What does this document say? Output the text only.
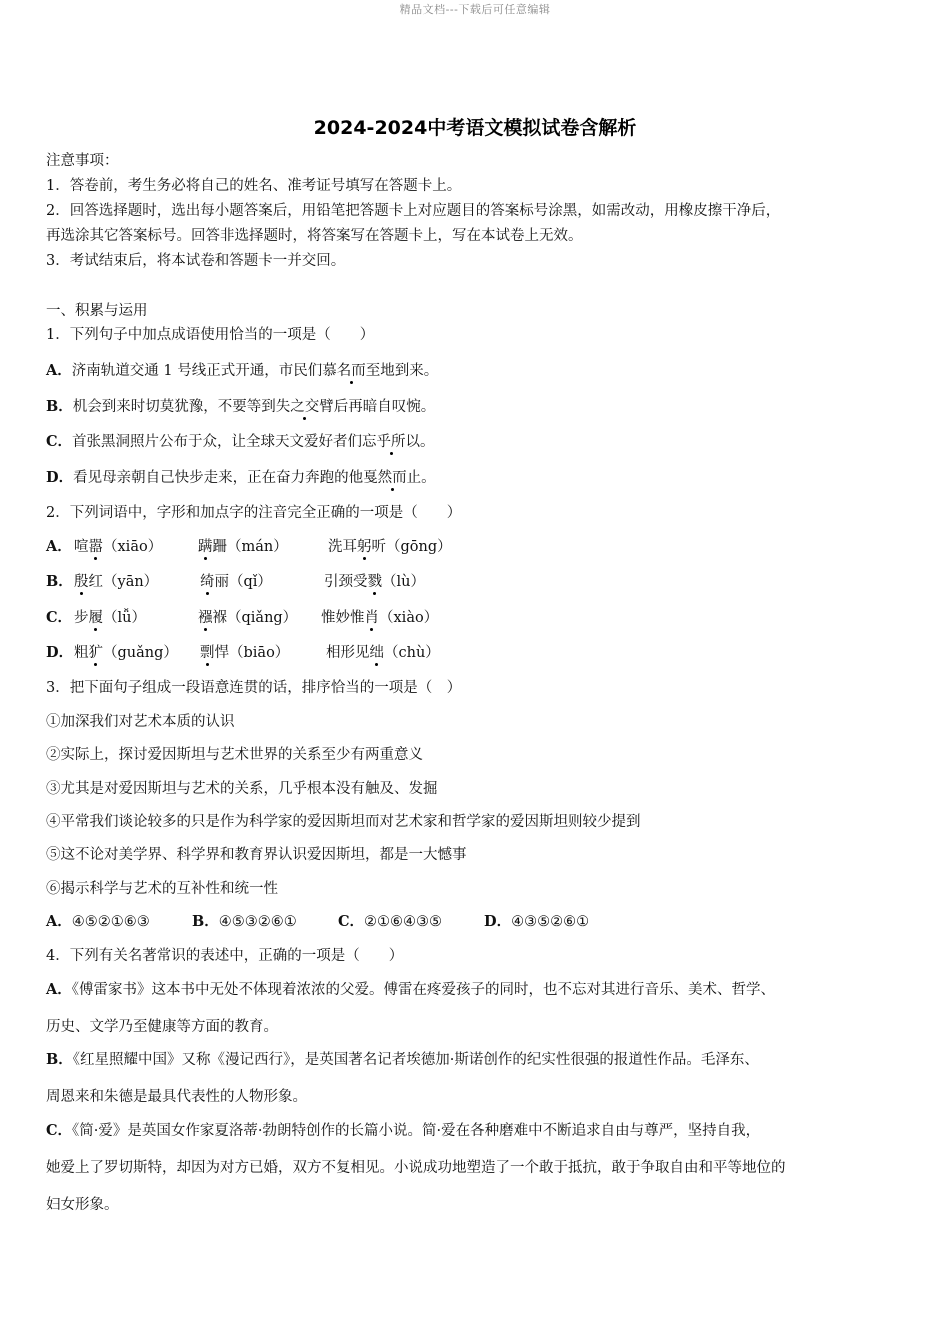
精品文档---下载后可任意编辑
2024-2024中考语文模拟试卷含解析
注意事项：
1．答卷前，考生务必将自己的姓名、准考证号填写在答题卡上。
2．回答选择题时，选出每小题答案后，用铅笔把答题卡上对应题目的答案标号涂黑，如需改动，用橡皮擦干净后，
再选涂其它答案标号。回答非选择题时，将答案写在答题卡上，写在本试卷上无效。
3．考试结束后，将本试卷和答题卡一并交回。
一、积累与运用
1．下列句子中加点成语使用恰当的一项是（　　）
A．济南轨道交通 1 号线正式开通，市民们慕名而至地到来。
B．机会到来时切莫犹豫，不要等到失之交臂后再暗自叹惋。
C．首张黑洞照片公布于众，让全球天文爱好者们忘乎所以。
D．看见母亲朝自己快步走来，正在奋力奔跑的他戛然而止。
2．下列词语中，字形和加点字的注音完全正确的一项是（　　）
A． 喧嚣（xiāo） 蹒跚（mán）	洗耳躬听（gōng）
B．殷红（yān）	绮丽（qǐ）	引颈受戮（lù）
C． 步履（lǚ）	襁褓（qiǎng） 惟妙惟肖（xiào）
D．粗犷（guǎng） 剽悍（biāo）	相形见绌（chù）
3．把下面句子组成一段语意连贯的话，排序恰当的一项是（　）
①加深我们对艺术本质的认识
②实际上，探讨爱因斯坦与艺术世界的关系至少有两重意义
③尤其是对爱因斯坦与艺术的关系，几乎根本没有触及、发掘
④平常我们谈论较多的只是作为科学家的爱因斯坦而对艺术家和哲学家的爱因斯坦则较少提到
⑤这不论对美学界、科学界和教育界认识爱因斯坦，都是一大憾事
⑥揭示科学与艺术的互补性和统一性
A．④⑤②①⑥③	B．④⑤③②⑥①	C．②①⑥④③⑤	D．④③⑤②⑥①
4．下列有关名著常识的表述中，正确的一项是（　　）
A．《傅雷家书》这本书中无处不体现着浓浓的父爱。傅雷在疼爱孩子的同时，也不忘对其进行音乐、美术、哲学、
历史、文学乃至健康等方面的教育。
B．《红星照耀中国》又称《漫记西行》，是英国著名记者埃德加·斯诺创作的纪实性很强的报道性作品。毛泽东、
周恩来和朱德是最具代表性的人物形象。
C．《简·爱》是英国女作家夏洛蒂·勃朗特创作的长篇小说。简·爱在各种磨难中不断追求自由与尊严，坚持自我，
她爱上了罗切斯特，却因为对方已婚，双方不复相见。小说成功地塑造了一个敢于抵抗，敢于争取自由和平等地位的
妇女形象。
